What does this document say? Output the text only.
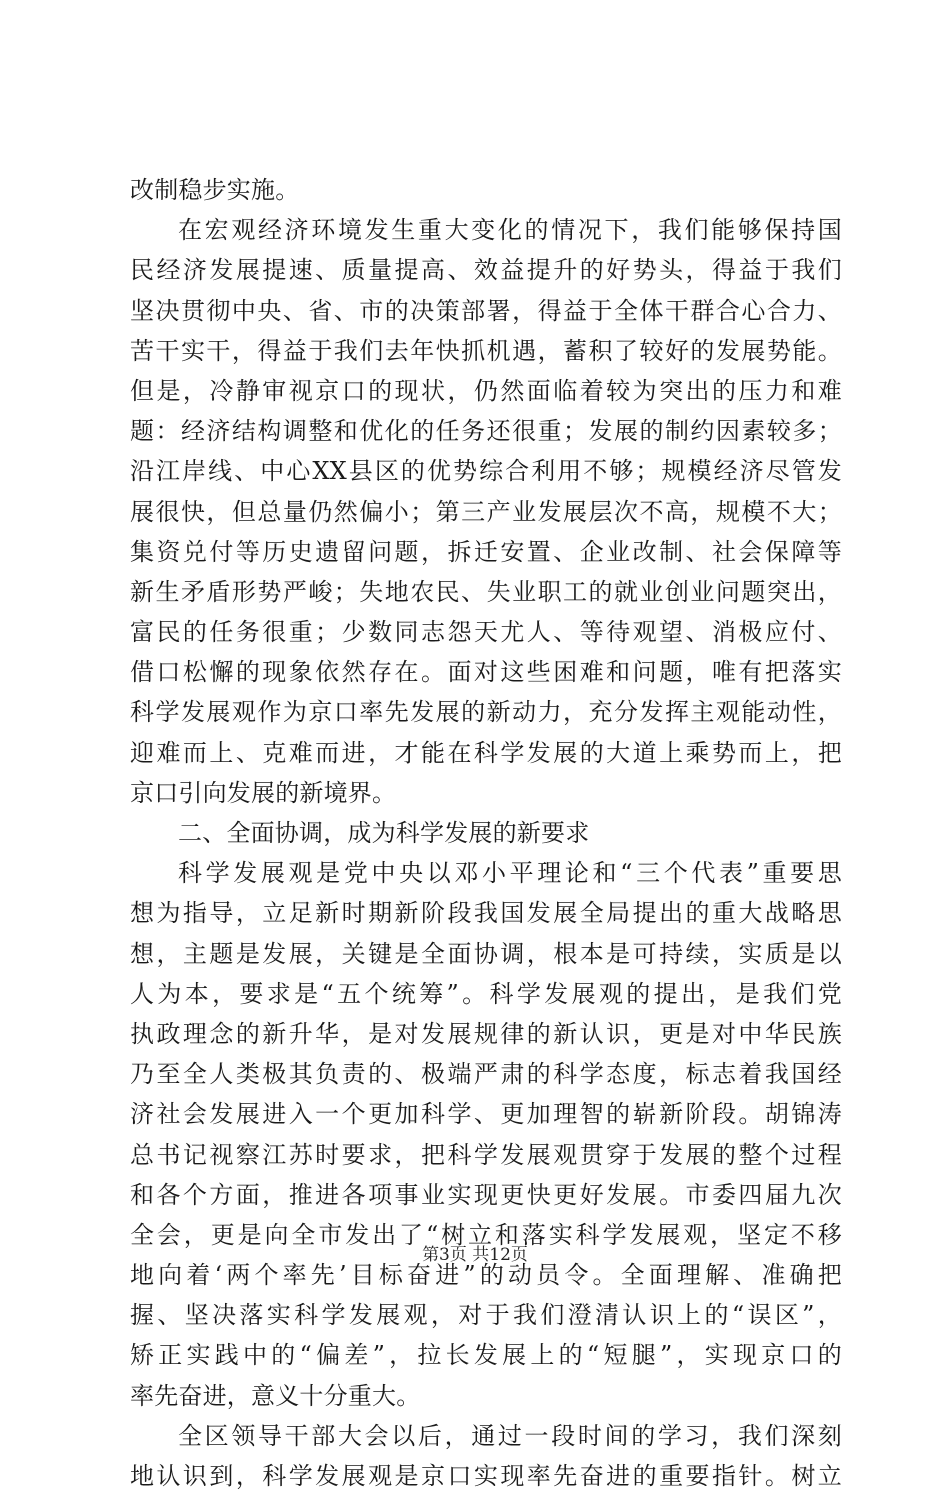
改制稳步实施。
在宏观经济环境发生重大变化的情况下，我们能够保持国
民经济发展提速、质量提高、效益提升的好势头，得益于我们
坚决贯彻中央、省、市的决策部署，得益于全体干群合心合力、
苦干实干，得益于我们去年快抓机遇，蓄积了较好的发展势能。
但是，冷静审视京口的现状，仍然面临着较为突出的压力和难
题：经济结构调整和优化的任务还很重；发展的制约因素较多；
沿江岸线、中心XX县区的优势综合利用不够；规模经济尽管发
展很快，但总量仍然偏小；第三产业发展层次不高，规模不大；
集资兑付等历史遗留问题，拆迁安置、企业改制、社会保障等
新生矛盾形势严峻；失地农民、失业职工的就业创业问题突出，
富民的任务很重；少数同志怨天尤人、等待观望、消极应付、
借口松懈的现象依然存在。面对这些困难和问题，唯有把落实
科学发展观作为京口率先发展的新动力，充分发挥主观能动性，
迎难而上、克难而进，才能在科学发展的大道上乘势而上，把
京口引向发展的新境界。
二、全面协调，成为科学发展的新要求
科学发展观是党中央以邓小平理论和“三个代表”重要思
想为指导，立足新时期新阶段我国发展全局提出的重大战略思
想，主题是发展，关键是全面协调，根本是可持续，实质是以
人为本，要求是“五个统筹”。科学发展观的提出，是我们党
执政理念的新升华，是对发展规律的新认识，更是对中华民族
乃至全人类极其负责的、极端严肃的科学态度，标志着我国经
济社会发展进入一个更加科学、更加理智的崭新阶段。胡锦涛
总书记视察江苏时要求，把科学发展观贯穿于发展的整个过程
和各个方面，推进各项事业实现更快更好发展。市委四届九次
全会，更是向全市发出了“树立和落实科学发展观，坚定不移
地向着‘两个率先’目标奋进”的动员令。全面理解、准确把
握、坚决落实科学发展观，对于我们澄清认识上的“误区”，
矫正实践中的“偏差”，拉长发展上的“短腿”，实现京口的
率先奋进，意义十分重大。
全区领导干部大会以后，通过一段时间的学习，我们深刻
地认识到，科学发展观是京口实现率先奋进的重要指针。树立
第3页 共12页
